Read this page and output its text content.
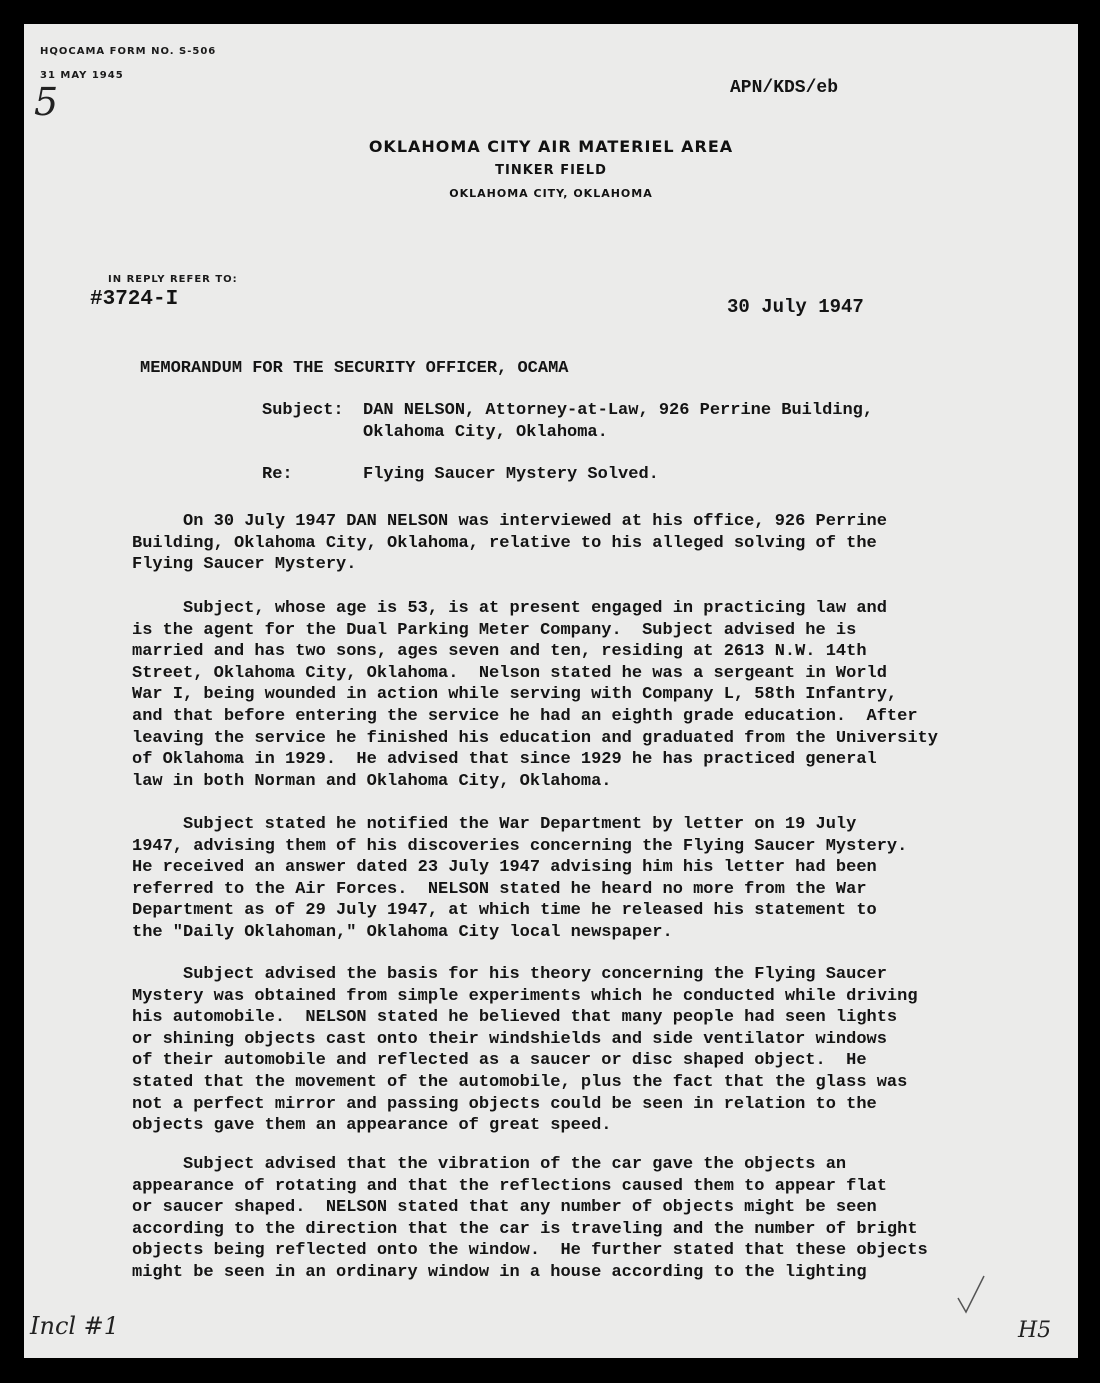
HQOCAMA FORM NO. S-506
31 MAY 1945
5	APN/KDS/eb
OKLAHOMA CITY AIR MATERIEL AREA
TINKER FIELD
OKLAHOMA CITY, OKLAHOMA
IN REPLY REFER TO:
#3724-I	30 July 1947
MEMORANDUM FOR THE SECURITY OFFICER, OCAMA
Subject: DAN NELSON, Attorney-at-Law, 926 Perrine Building,
Oklahoma City, Oklahoma.
Re:	Flying Saucer Mystery Solved.
On 30 July 1947 DAN NELSON was interviewed at his office, 926 Perrine
Building, Oklahoma City, Oklahoma, relative to his alleged solving of the
Flying Saucer Mystery.
Subject, whose age is 53, is at present engaged in practicing law and
is the agent for the Dual Parking Meter Company.  Subject advised he is
married and has two sons, ages seven and ten, residing at 2613 N.W. 14th
Street, Oklahoma City, Oklahoma.  Nelson stated he was a sergeant in World
War I, being wounded in action while serving with Company L, 58th Infantry,
and that before entering the service he had an eighth grade education.  After
leaving the service he finished his education and graduated from the University
of Oklahoma in 1929.  He advised that since 1929 he has practiced general
law in both Norman and Oklahoma City, Oklahoma.
Subject stated he notified the War Department by letter on 19 July
1947, advising them of his discoveries concerning the Flying Saucer Mystery.
He received an answer dated 23 July 1947 advising him his letter had been
referred to the Air Forces.  NELSON stated he heard no more from the War
Department as of 29 July 1947, at which time he released his statement to
the "Daily Oklahoman," Oklahoma City local newspaper.
Subject advised the basis for his theory concerning the Flying Saucer
Mystery was obtained from simple experiments which he conducted while driving
his automobile.  NELSON stated he believed that many people had seen lights
or shining objects cast onto their windshields and side ventilator windows
of their automobile and reflected as a saucer or disc shaped object.  He
stated that the movement of the automobile, plus the fact that the glass was
not a perfect mirror and passing objects could be seen in relation to the
objects gave them an appearance of great speed.
Subject advised that the vibration of the car gave the objects an
appearance of rotating and that the reflections caused them to appear flat
or saucer shaped.  NELSON stated that any number of objects might be seen
according to the direction that the car is traveling and the number of bright
objects being reflected onto the window.  He further stated that these objects
might be seen in an ordinary window in a house according to the lighting
Incl #1	H5
